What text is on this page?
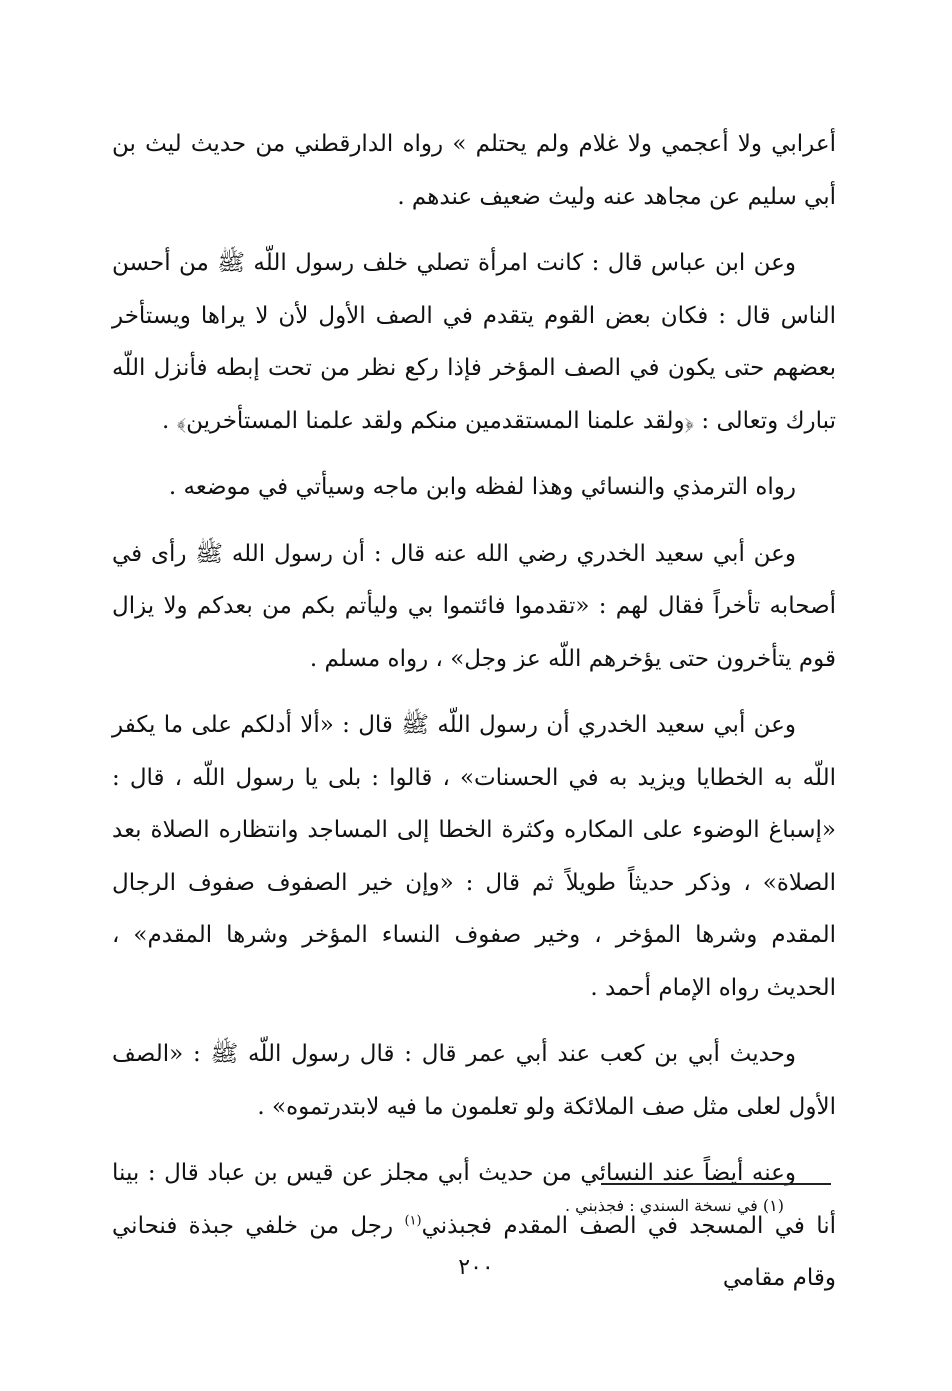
أعرابي ولا أعجمي ولا غلام ولم يحتلم » رواه الدارقطني من حديث ليث بن أبي سليم عن مجاهد عنه وليث ضعيف عندهم .

وعن ابن عباس قال : كانت امرأة تصلي خلف رسول اللّه ﷺ من أحسن الناس قال : فكان بعض القوم يتقدم في الصف الأول لأن لا يراها ويستأخر بعضهم حتى يكون في الصف المؤخر فإذا ركع نظر من تحت إبطه فأنزل اللّه تبارك وتعالى : ﴿ولقد علمنا المستقدمين منكم ولقد علمنا المستأخرين﴾ .

رواه الترمذي والنسائي وهذا لفظه وابن ماجه وسيأتي في موضعه .

وعن أبي سعيد الخدري رضي الله عنه قال : أن رسول الله ﷺ رأى في أصحابه تأخراً فقال لهم : «تقدموا فائتموا بي وليأتم بكم من بعدكم ولا يزال قوم يتأخرون حتى يؤخرهم اللّه عز وجل» ، رواه مسلم .

وعن أبي سعيد الخدري أن رسول اللّه ﷺ قال : «ألا أدلكم على ما يكفر اللّه به الخطايا ويزيد به في الحسنات» ، قالوا : بلى يا رسول اللّه ، قال : «إسباغ الوضوء على المكاره وكثرة الخطا إلى المساجد وانتظاره الصلاة بعد الصلاة» ، وذكر حديثاً طويلاً ثم قال : «وإن خير الصفوف صفوف الرجال المقدم وشرها المؤخر ، وخير صفوف النساء المؤخر وشرها المقدم» ، الحديث رواه الإمام أحمد .

وحديث أبي بن كعب عند أبي عمر قال : قال رسول اللّه ﷺ : «الصف الأول لعلى مثل صف الملائكة ولو تعلمون ما فيه لابتدرتموه» .

وعنه أيضاً عند النسائي من حديث أبي مجلز عن قيس بن عباد قال : بينا أنا في المسجد في الصف المقدم فجبذني$^{(١)}$ رجل من خلفي جبذة فنحاني وقام مقامي

(١) في نسخة السندي : فجذبني .
٢٠٠
